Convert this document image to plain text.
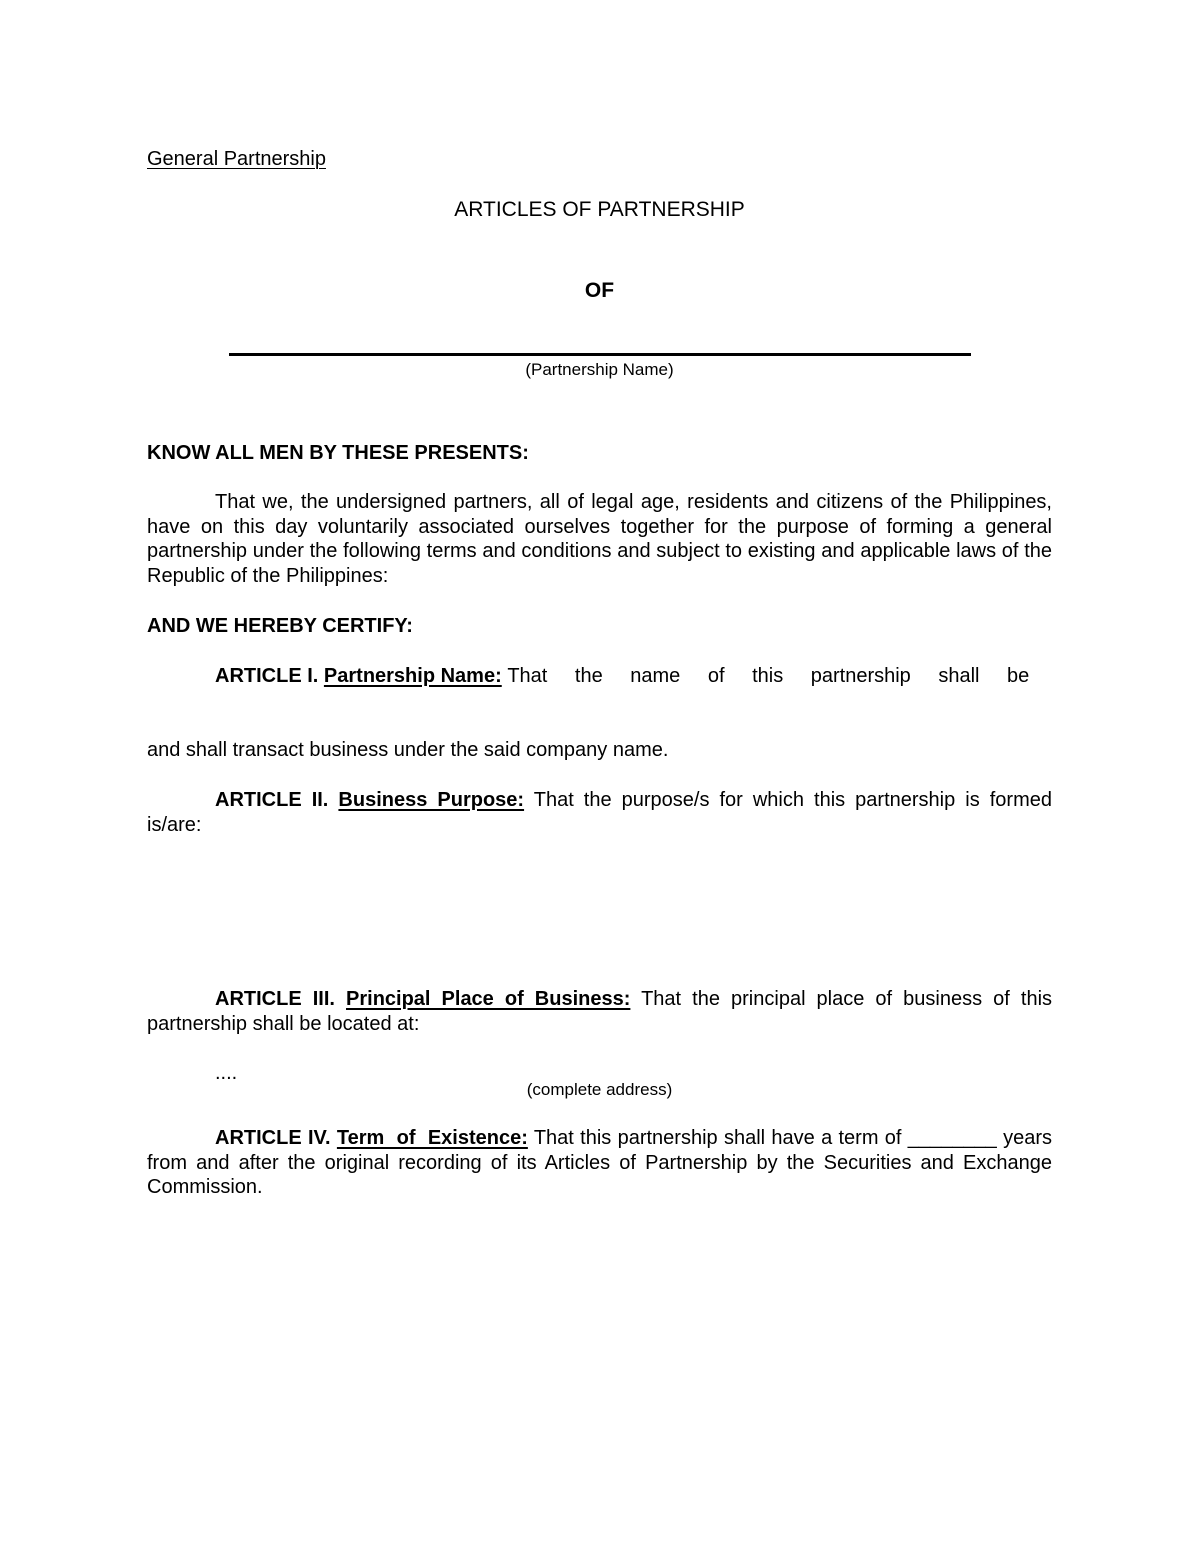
General Partnership
ARTICLES OF PARTNERSHIP
OF
(Partnership Name)
KNOW ALL MEN BY THESE PRESENTS:
That we, the undersigned partners, all of legal age, residents and citizens of the Philippines, have on this day voluntarily associated ourselves together for the purpose of forming a general partnership under the following terms and conditions and subject to existing and applicable laws of the Republic of the Philippines:
AND WE HEREBY CERTIFY:
ARTICLE I. Partnership Name: That the name of this partnership shall be
and shall transact business under the said company name.
ARTICLE II. Business Purpose: That the purpose/s for which this partnership is formed is/are:
ARTICLE III. Principal Place of Business: That the principal place of business of this partnership shall be located at:
....
(complete address)
ARTICLE IV. Term of Existence: That this partnership shall have a term of ________ years from and after the original recording of its Articles of Partnership by the Securities and Exchange Commission.
